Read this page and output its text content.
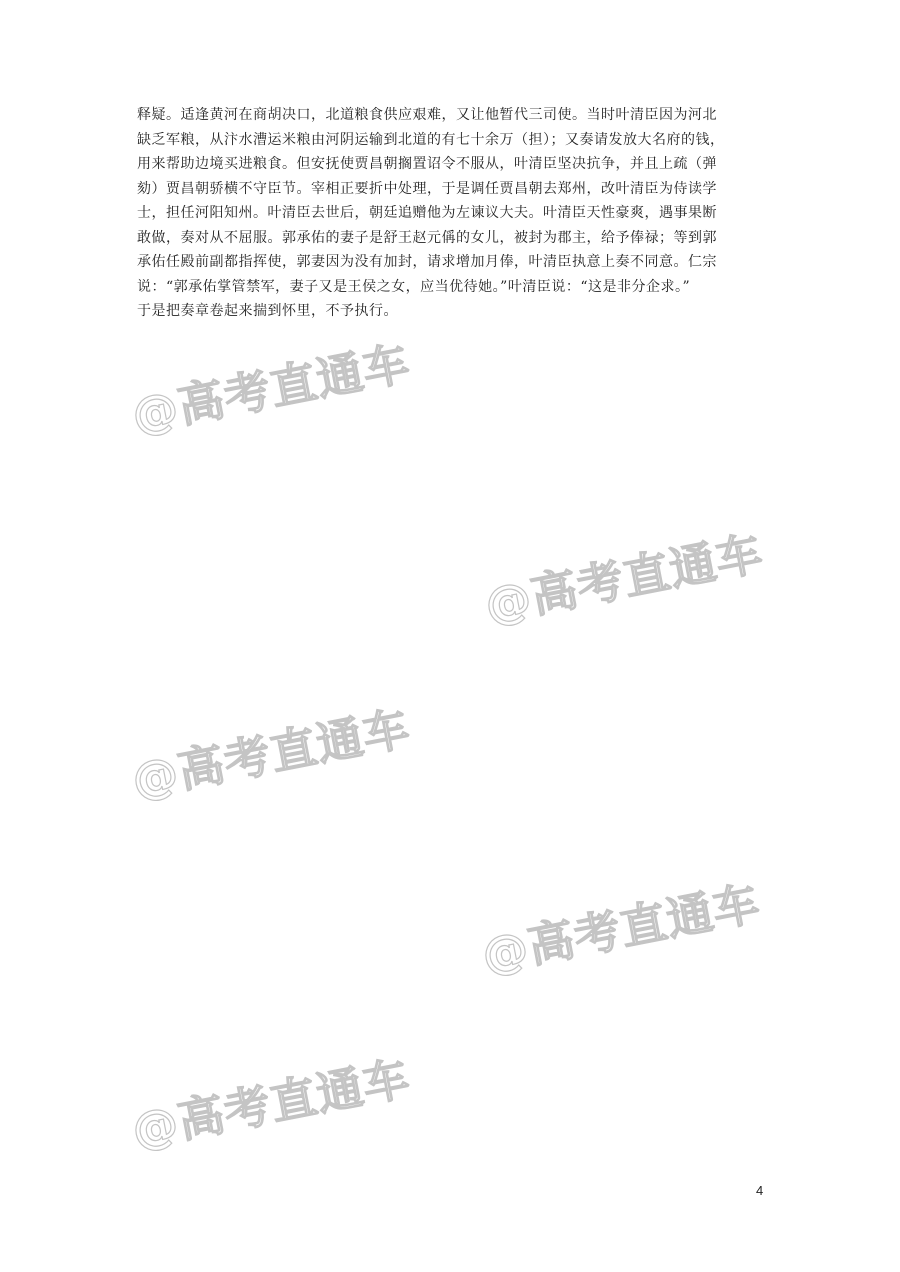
释疑。适逢黄河在商胡决口，北道粮食供应艰难，又让他暂代三司使。当时叶清臣因为河北
缺乏军粮，从汴水漕运米粮由河阴运输到北道的有七十余万（担）；又奏请发放大名府的钱，
用来帮助边境买进粮食。但安抚使贾昌朝搁置诏令不服从，叶清臣坚决抗争，并且上疏（弹
劾）贾昌朝骄横不守臣节。宰相正要折中处理，于是调任贾昌朝去郑州，改叶清臣为侍读学
士，担任河阳知州。叶清臣去世后，朝廷追赠他为左谏议大夫。叶清臣天性豪爽，遇事果断
敢做，奏对从不屈服。郭承佑的妻子是舒王赵元偁的女儿，被封为郡主，给予俸禄；等到郭
承佑任殿前副都指挥使，郭妻因为没有加封，请求增加月俸，叶清臣执意上奏不同意。仁宗
说：“郭承佑掌管禁军，妻子又是王侯之女，应当优待她。”叶清臣说：“这是非分企求。”
于是把奏章卷起来揣到怀里，不予执行。
@高考直通车
@高考直通车
@高考直通车
@高考直通车
@高考直通车
4
